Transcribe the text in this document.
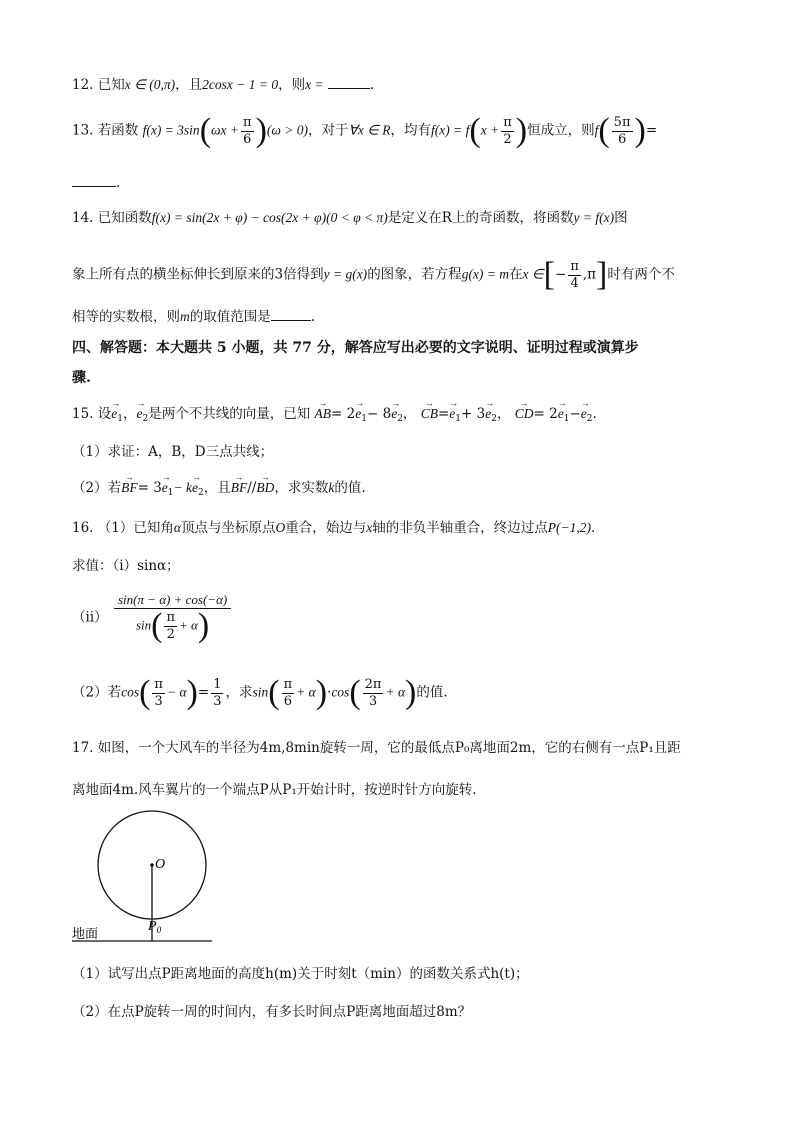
12. 已知x ∈ (0,π)，且2cosx − 1 = 0，则x =	.
13. 若函数 $f(x) = 3\sin(\omega x + \frac{\pi}{6} )(\omega > 0)$，对于∀x ∈ R，均有$f(x) = f(x + \frac{\pi}{2}$ )恒成立，则$f( \frac{5\pi}{6}$ )=
.
14. 已知函数f(x) = sin(2x + φ) − cos(2x + φ)(0 < φ < π)是定义在R上的奇函数，将函数y = f(x)图
象上所有点的横坐标伸长到原来的3倍得到y = g(x)的图象，若方程g(x) = m在x ∈[− $\frac{\pi}{4} ,\pi$]时有两个不
相等的实数根，则m的取值范围是	.
四、解答题：本大题共 5 小题，共 77 分，解答应写出必要的文字说明、证明过程或演算步
骤.
15. 设→ $e_1$，→ $e_2$是两个不共线的向量，已知 → $AB= 2\to e_1- 8\to e_2$， → $CB=\to e_1+ 3\to e_2$， → $CD= 2\to e_1-\to e_2$.
（1）求证：A，B，D三点共线；
（2）若→ $BF= 3\to e_1- k\to e_2$，且→ BF//→ BD，求实数k的值.
16. （1）已知角α顶点与坐标原点O重合，始边与x轴的非负半轴重合，终边过点P(−1,2).
求值：（ⅰ）sinα；
（ⅱ） $\frac{\sin(\pi - \alpha) + \cos(-\alpha)}{\sin( \frac{\pi}{2} + \alpha)}$
（2）若$\cos( \frac{\pi}{3} - \alpha)= \frac{1}{3}$ ，求$\sin( \frac{\pi}{6} + \alpha)\cdot\cos( \frac{2\pi}{3} + \alpha)$的值.
17. 如图，一个大风车的半径为4m,8min旋转一周，它的最低点P₀离地面2m，它的右侧有一点P₁且距
离地面4m.风车翼片的一个端点P从P₁开始计时，按逆时针方向旋转.
O
$P_0$
地面
（1）试写出点P距离地面的高度h(m)关于时刻t（min）的函数关系式h(t)；
（2）在点P旋转一周的时间内，有多长时间点P距离地面超过8m？
